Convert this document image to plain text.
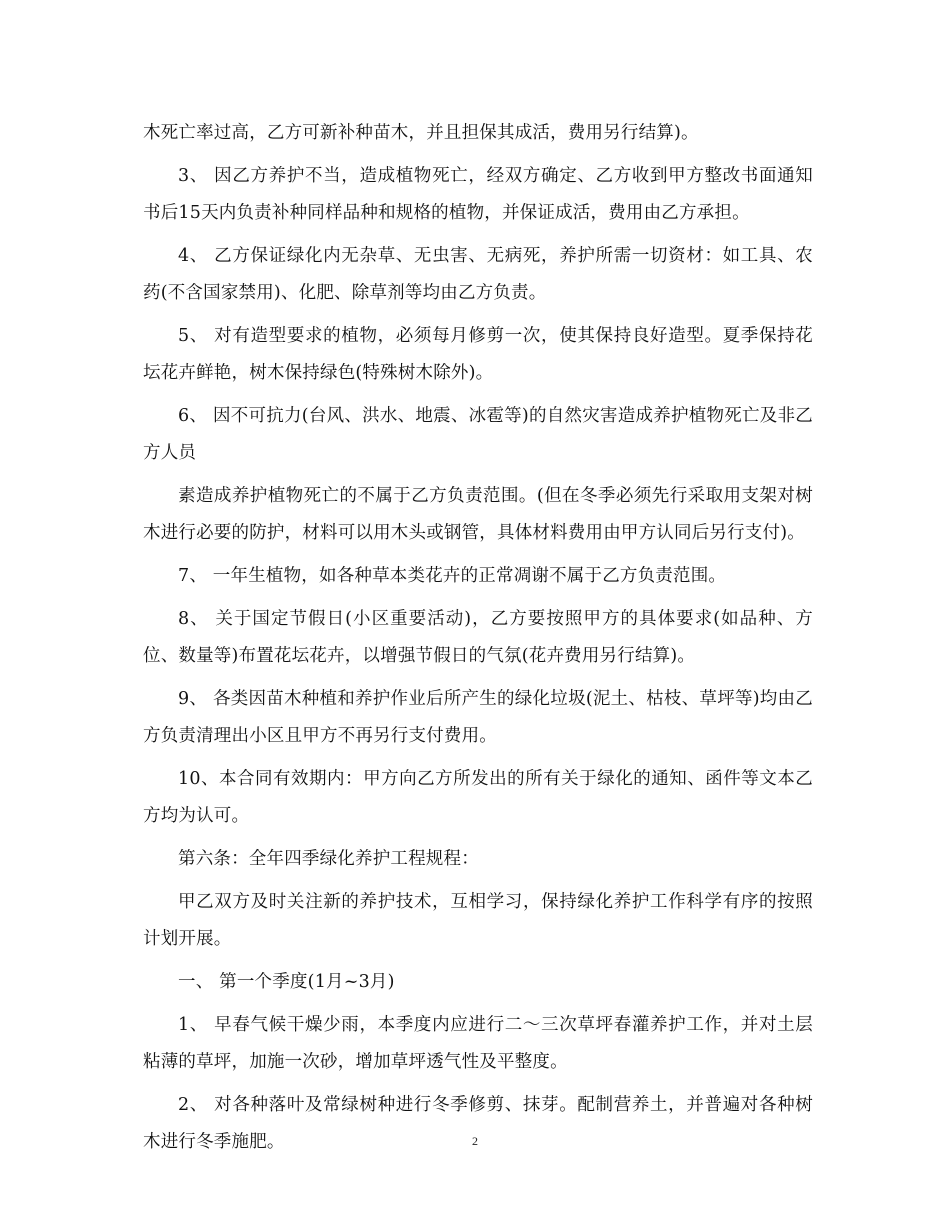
木死亡率过高，乙方可新补种苗木，并且担保其成活，费用另行结算)。

3、 因乙方养护不当，造成植物死亡，经双方确定、乙方收到甲方整改书面通知书后15天内负责补种同样品种和规格的植物，并保证成活，费用由乙方承担。

4、 乙方保证绿化内无杂草、无虫害、无病死，养护所需一切资材：如工具、农药(不含国家禁用)、化肥、除草剂等均由乙方负责。

5、 对有造型要求的植物，必须每月修剪一次，使其保持良好造型。夏季保持花坛花卉鲜艳，树木保持绿色(特殊树木除外)。

6、 因不可抗力(台风、洪水、地震、冰雹等)的自然灾害造成养护植物死亡及非乙方人员

素造成养护植物死亡的不属于乙方负责范围。(但在冬季必须先行采取用支架对树木进行必要的防护，材料可以用木头或钢管，具体材料费用由甲方认同后另行支付)。

7、 一年生植物，如各种草本类花卉的正常凋谢不属于乙方负责范围。

8、 关于国定节假日(小区重要活动)，乙方要按照甲方的具体要求(如品种、方位、数量等)布置花坛花卉，以增强节假日的气氛(花卉费用另行结算)。

9、 各类因苗木种植和养护作业后所产生的绿化垃圾(泥土、枯枝、草坪等)均由乙方负责清理出小区且甲方不再另行支付费用。

10、本合同有效期内：甲方向乙方所发出的所有关于绿化的通知、函件等文本乙方均为认可。

第六条：全年四季绿化养护工程规程：

甲乙双方及时关注新的养护技术，互相学习，保持绿化养护工作科学有序的按照计划开展。

一、 第一个季度(1月~3月)

1、 早春气候干燥少雨，本季度内应进行二～三次草坪春灌养护工作，并对土层粘薄的草坪，加施一次砂，增加草坪透气性及平整度。

2、 对各种落叶及常绿树种进行冬季修剪、抹芽。配制营养土，并普遍对各种树木进行冬季施肥。	2
